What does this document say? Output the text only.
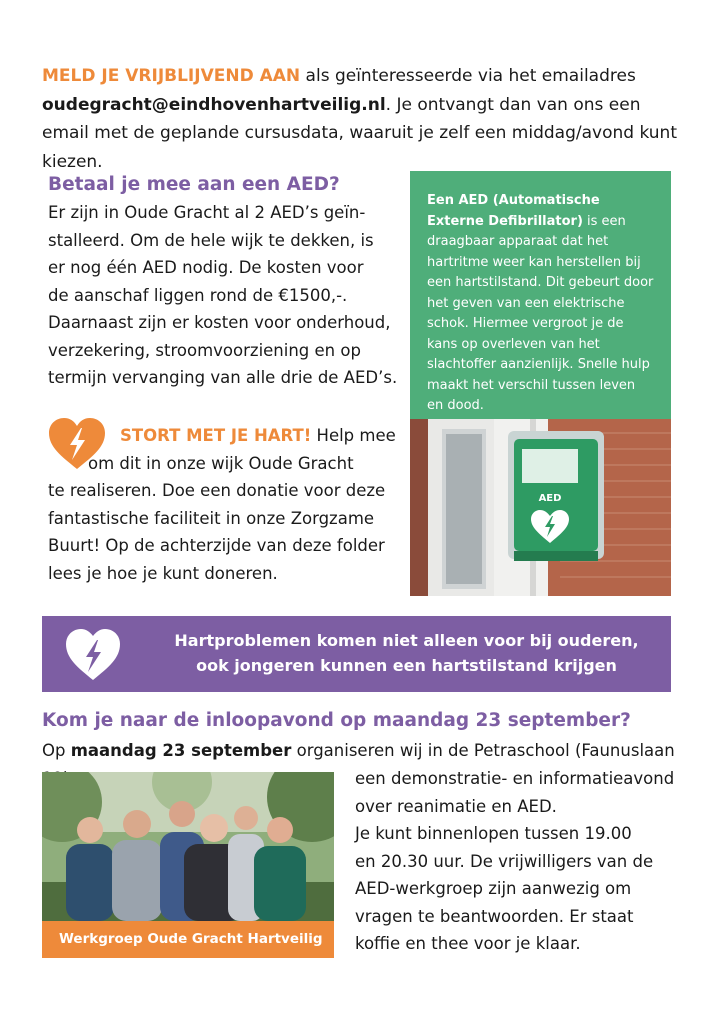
MELD JE VRIJBLIJVEND AAN als geïnteresseerde via het emailadres oudegracht@eindhovenhartveilig.nl. Je ontvangt dan van ons een email met de geplande cursusdata, waaruit je zelf een middag/avond kunt kiezen.
Betaal je mee aan een AED?
Er zijn in Oude Gracht al 2 AED’s geïn-
stalleerd. Om de hele wijk te dekken, is
er nog één AED nodig. De kosten voor
de aanschaf liggen rond de €1500,-.
Daarnaast zijn er kosten voor onderhoud,
verzekering, stroomvoorziening en op
termijn vervanging van alle drie de AED’s.
STORT MET JE HART! Help mee
om dit in onze wijk Oude Gracht
te realiseren. Doe een donatie voor deze
fantastische faciliteit in onze Zorgzame
Buurt! Op de achterzijde van deze folder
lees je hoe je kunt doneren.
Een AED (Automatische Externe Defibrillator) is een draagbaar apparaat dat het hartritme weer kan herstellen bij een hartstilstand. Dit gebeurt door het geven van een elektrische schok. Hiermee vergroot je de kans op overleven van het slachtoffer aanzienlijk. Snelle hulp maakt het verschil tussen leven en dood.
AED
Hartproblemen komen niet alleen voor bij ouderen,
ook jongeren kunnen een hartstilstand krijgen
Kom je naar de inloopavond op maandag 23 september?
Op maandag 23 september organiseren wij in de Petraschool (Faunuslaan
Werkgroep Oude Gracht Hartveilig
een demonstratie- en informatieavond
over reanimatie en AED.
Je kunt binnenlopen tussen 19.00
en 20.30 uur. De vrijwilligers van de
AED-werkgroep zijn aanwezig om
vragen te beantwoorden. Er staat
koffie en thee voor je klaar.
